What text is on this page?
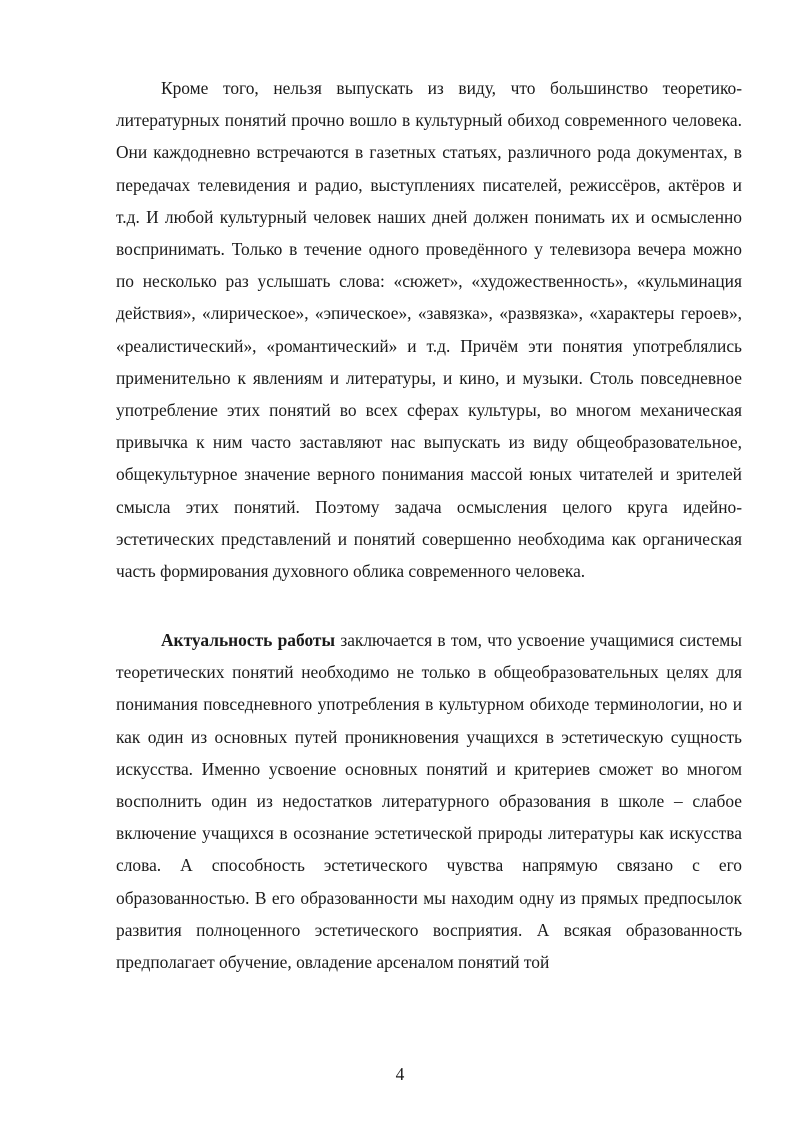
Кроме того, нельзя выпускать из виду, что большинство теоретико-литературных понятий прочно вошло в культурный обиход современного человека. Они каждодневно встречаются в газетных статьях, различного рода документах, в передачах телевидения и радио, выступлениях писателей, режиссёров, актёров и т.д. И любой культурный человек наших дней должен понимать их и осмысленно воспринимать. Только в течение одного проведённого у телевизора вечера можно по несколько раз услышать слова: «сюжет», «художественность», «кульминация действия», «лирическое», «эпическое», «завязка», «развязка», «характеры героев», «реалистический», «романтический» и т.д. Причём эти понятия употреблялись применительно к явлениям и литературы, и кино, и музыки. Столь повседневное употребление этих понятий во всех сферах культуры, во многом механическая привычка к ним часто заставляют нас выпускать из виду общеобразовательное, общекультурное значение верного понимания массой юных читателей и зрителей смысла этих понятий. Поэтому задача осмысления целого круга идейно-эстетических представлений и понятий совершенно необходима как органическая часть формирования духовного облика современного человека.

Актуальность работы заключается в том, что усвоение учащимися системы теоретических понятий необходимо не только в общеобразовательных целях для понимания повседневного употребления в культурном обиходе терминологии, но и как один из основных путей проникновения учащихся в эстетическую сущность искусства. Именно усвоение основных понятий и критериев сможет во многом восполнить один из недостатков литературного образования в школе – слабое включение учащихся в осознание эстетической природы литературы как искусства слова. А способность эстетического чувства напрямую связано с его образованностью. В его образованности мы находим одну из прямых предпосылок развития полноценного эстетического восприятия. А всякая образованность предполагает обучение, овладение арсеналом понятий той

4
